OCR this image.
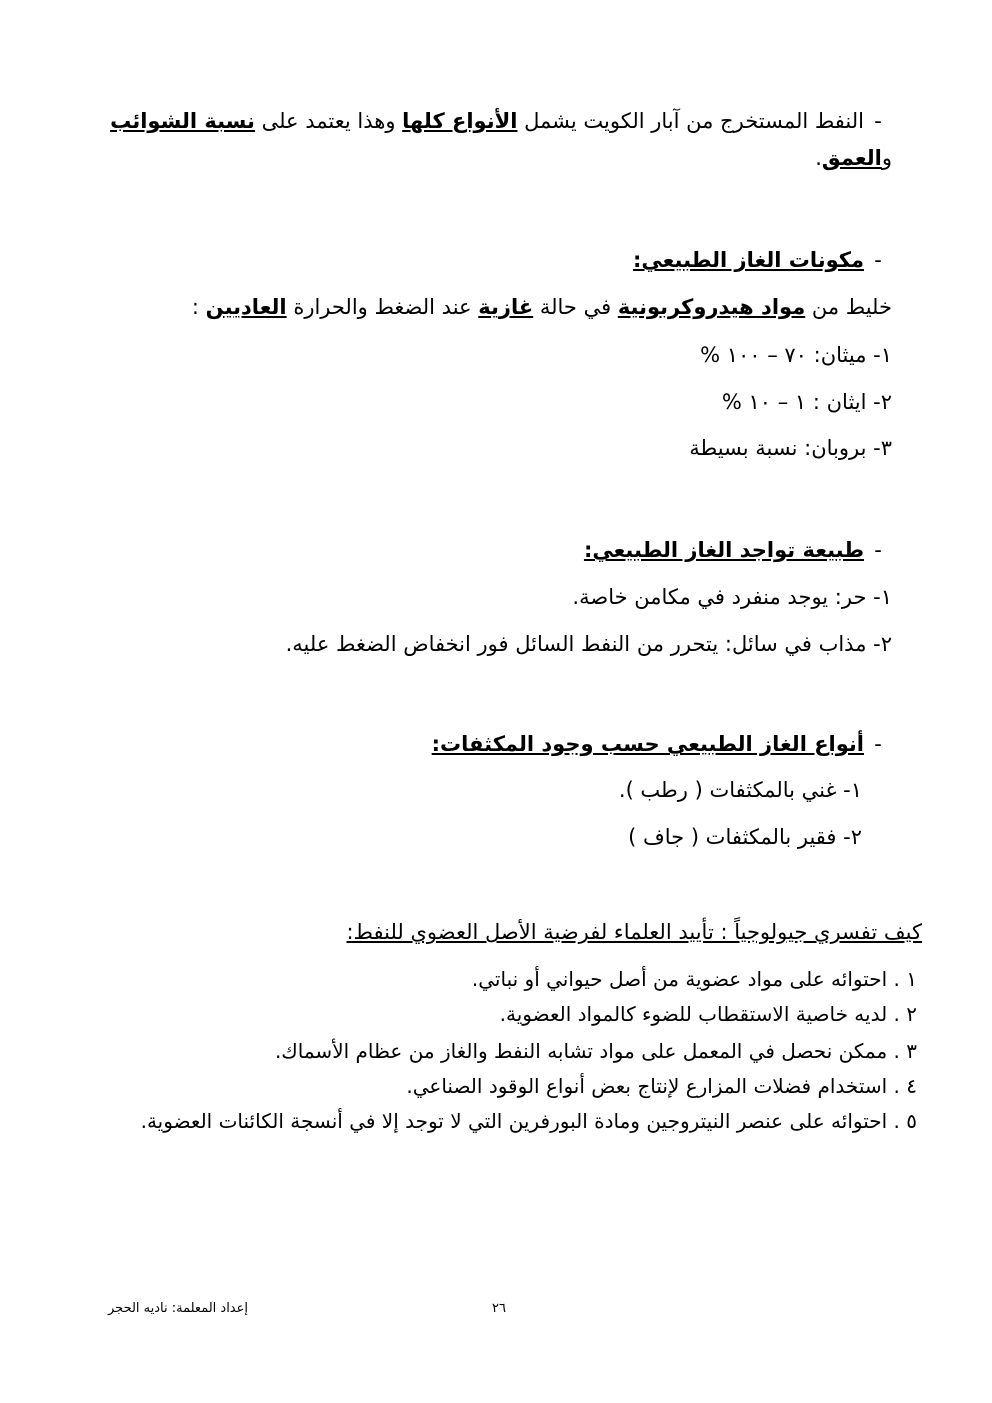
-النفط المستخرج من آبار الكويت يشمل الأنواع كلها وهذا يعتمد على نسبة الشوائب
والعمق.
-مكونات الغاز الطبيعي:
خليط من مواد هيدروكربونية في حالة غازية عند الضغط والحرارة العاديين :
١- ميثان: ٧٠ – ١٠٠ %
٢- ايثان : ١ – ١٠ %
٣- بروبان: نسبة بسيطة
-طبيعة تواجد الغاز الطبيعي:
١- حر: يوجد منفرد في مكامن خاصة.
٢- مذاب في سائل: يتحرر من النفط السائل فور انخفاض الضغط عليه.
-أنواع الغاز الطبيعي حسب وجود المكثفات:
١- غني بالمكثفات ( رطب ).
٢- فقير بالمكثفات ( جاف )
كيف تفسري جيولوجياً : تأييد العلماء لفرضية الأصل العضوي للنفط:
١ . احتوائه على مواد عضوية من أصل حيواني أو نباتي.
٢ . لديه خاصية الاستقطاب للضوء كالمواد العضوية.
٣ . ممكن نحصل في المعمل على مواد تشابه النفط والغاز من عظام الأسماك.
٤ . استخدام فضلات المزارع لإنتاج بعض أنواع الوقود الصناعي.
٥ . احتوائه على عنصر النيتروجين ومادة البورفرين التي لا توجد إلا في أنسجة الكائنات العضوية.
٢٦
إعداد المعلمة: ناديه الحجر
